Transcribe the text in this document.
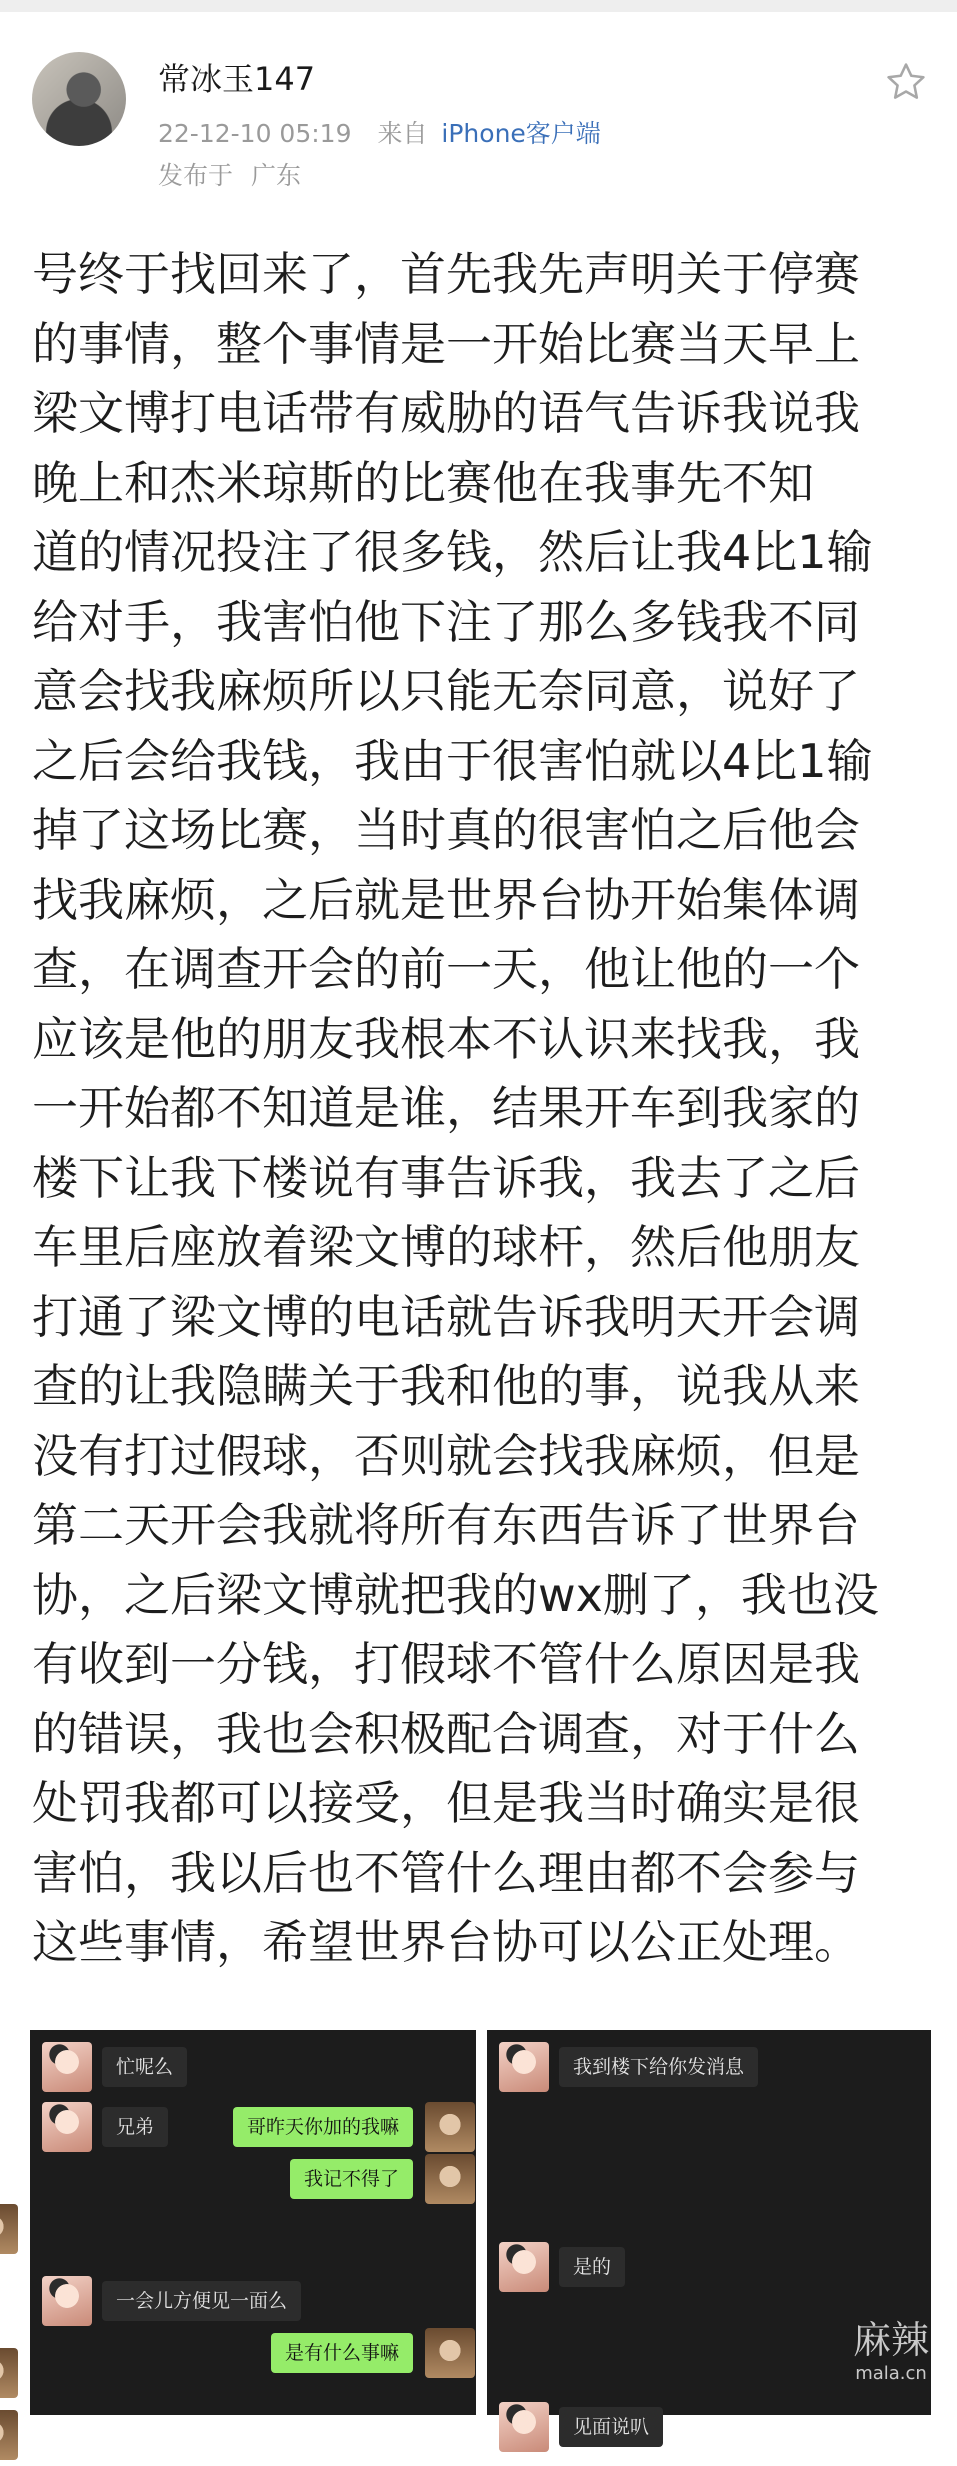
常冰玉147
22-12-10 05:19 来自 iPhone客户端
发布于 广东
号终于找回来了，首先我先声明关于停赛
的事情，整个事情是一开始比赛当天早上
梁文博打电话带有威胁的语气告诉我说我
晚上和杰米琼斯的比赛他在我事先不知
道的情况投注了很多钱，然后让我4比1输
给对手，我害怕他下注了那么多钱我不同
意会找我麻烦所以只能无奈同意，说好了
之后会给我钱，我由于很害怕就以4比1输
掉了这场比赛，当时真的很害怕之后他会
找我麻烦，之后就是世界台协开始集体调
查，在调查开会的前一天，他让他的一个
应该是他的朋友我根本不认识来找我，我
一开始都不知道是谁，结果开车到我家的
楼下让我下楼说有事告诉我，我去了之后
车里后座放着梁文博的球杆，然后他朋友
打通了梁文博的电话就告诉我明天开会调
查的让我隐瞒关于我和他的事，说我从来
没有打过假球，否则就会找我麻烦，但是
第二天开会我就将所有东西告诉了世界台
协，之后梁文博就把我的wx删了，我也没
有收到一分钱，打假球不管什么原因是我
的错误，我也会积极配合调查，对于什么
处罚我都可以接受，但是我当时确实是很
害怕，我以后也不管什么理由都不会参与
这些事情，希望世界台协可以公正处理。
忙呢么
兄弟
一会儿方便见一面么
我到楼下给你发消息
哥昨天你加的我嘛
我记不得了
是的
是有什么事嘛
见面说叭
麻辣
mala.cn
